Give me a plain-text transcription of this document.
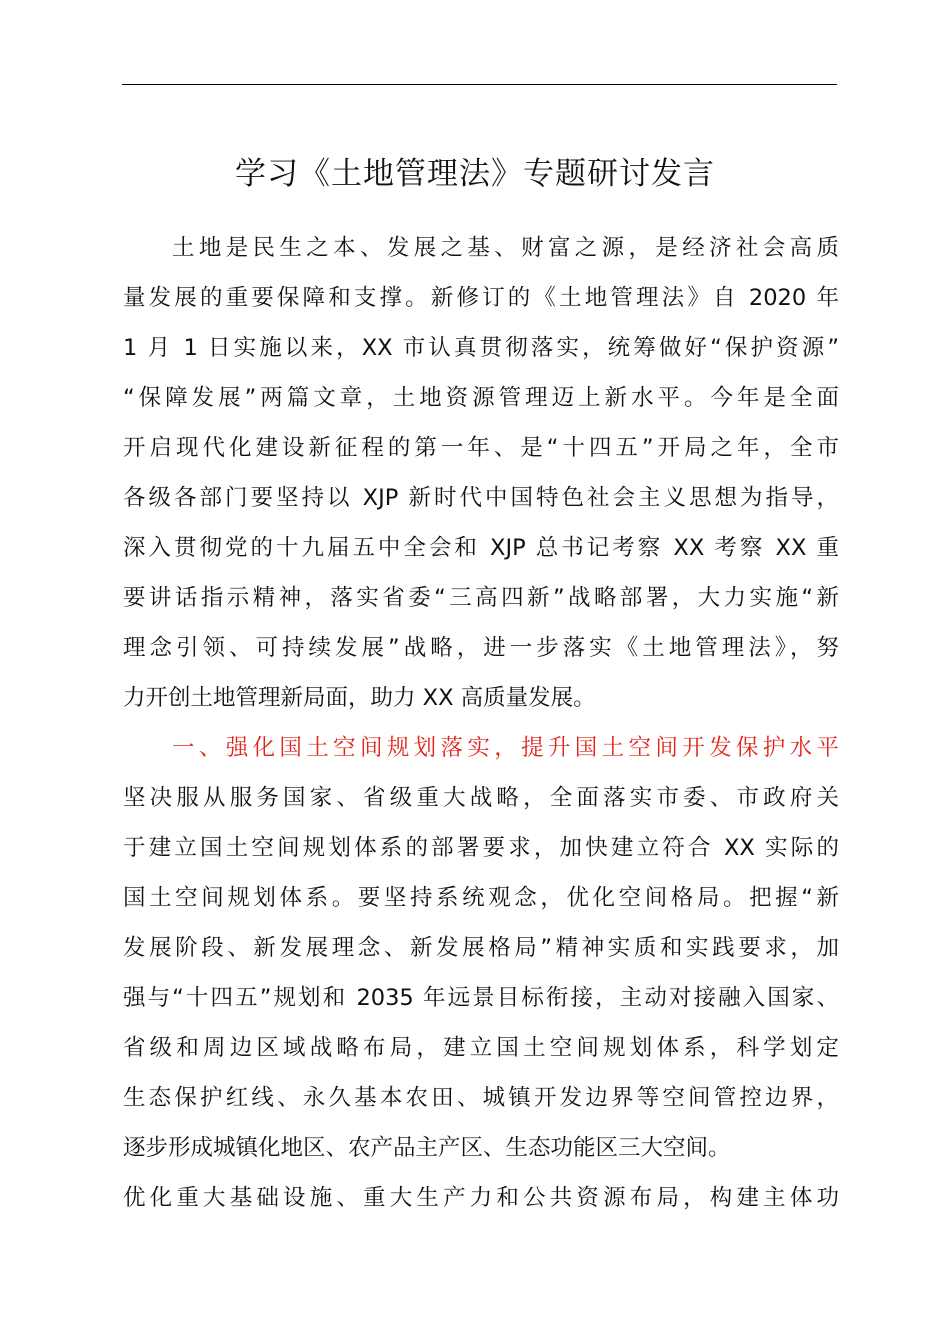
学习《土地管理法》专题研讨发言
土地是民生之本、发展之基、财富之源，是经济社会高质
量发展的重要保障和支撑。新修订的《土地管理法》自 2020 年
1 月 1 日实施以来，XX 市认真贯彻落实，统筹做好“保护资源”
“保障发展”两篇文章，土地资源管理迈上新水平。今年是全面
开启现代化建设新征程的第一年、是“十四五”开局之年，全市
各级各部门要坚持以 XJP 新时代中国特色社会主义思想为指导，
深入贯彻党的十九届五中全会和 XJP 总书记考察 XX 考察 XX 重
要讲话指示精神，落实省委“三高四新”战略部署，大力实施“新
理念引领、可持续发展”战略，进一步落实《土地管理法》，努
力开创土地管理新局面，助力 XX 高质量发展。
一、强化国土空间规划落实，提升国土空间开发保护水平
坚决服从服务国家、省级重大战略，全面落实市委、市政府关
于建立国土空间规划体系的部署要求，加快建立符合 XX 实际的
国土空间规划体系。要坚持系统观念，优化空间格局。把握“新
发展阶段、新发展理念、新发展格局”精神实质和实践要求，加
强与“十四五”规划和 2035 年远景目标衔接，主动对接融入国家、
省级和周边区域战略布局，建立国土空间规划体系，科学划定
生态保护红线、永久基本农田、城镇开发边界等空间管控边界，
逐步形成城镇化地区、农产品主产区、生态功能区三大空间。
优化重大基础设施、重大生产力和公共资源布局，构建主体功
